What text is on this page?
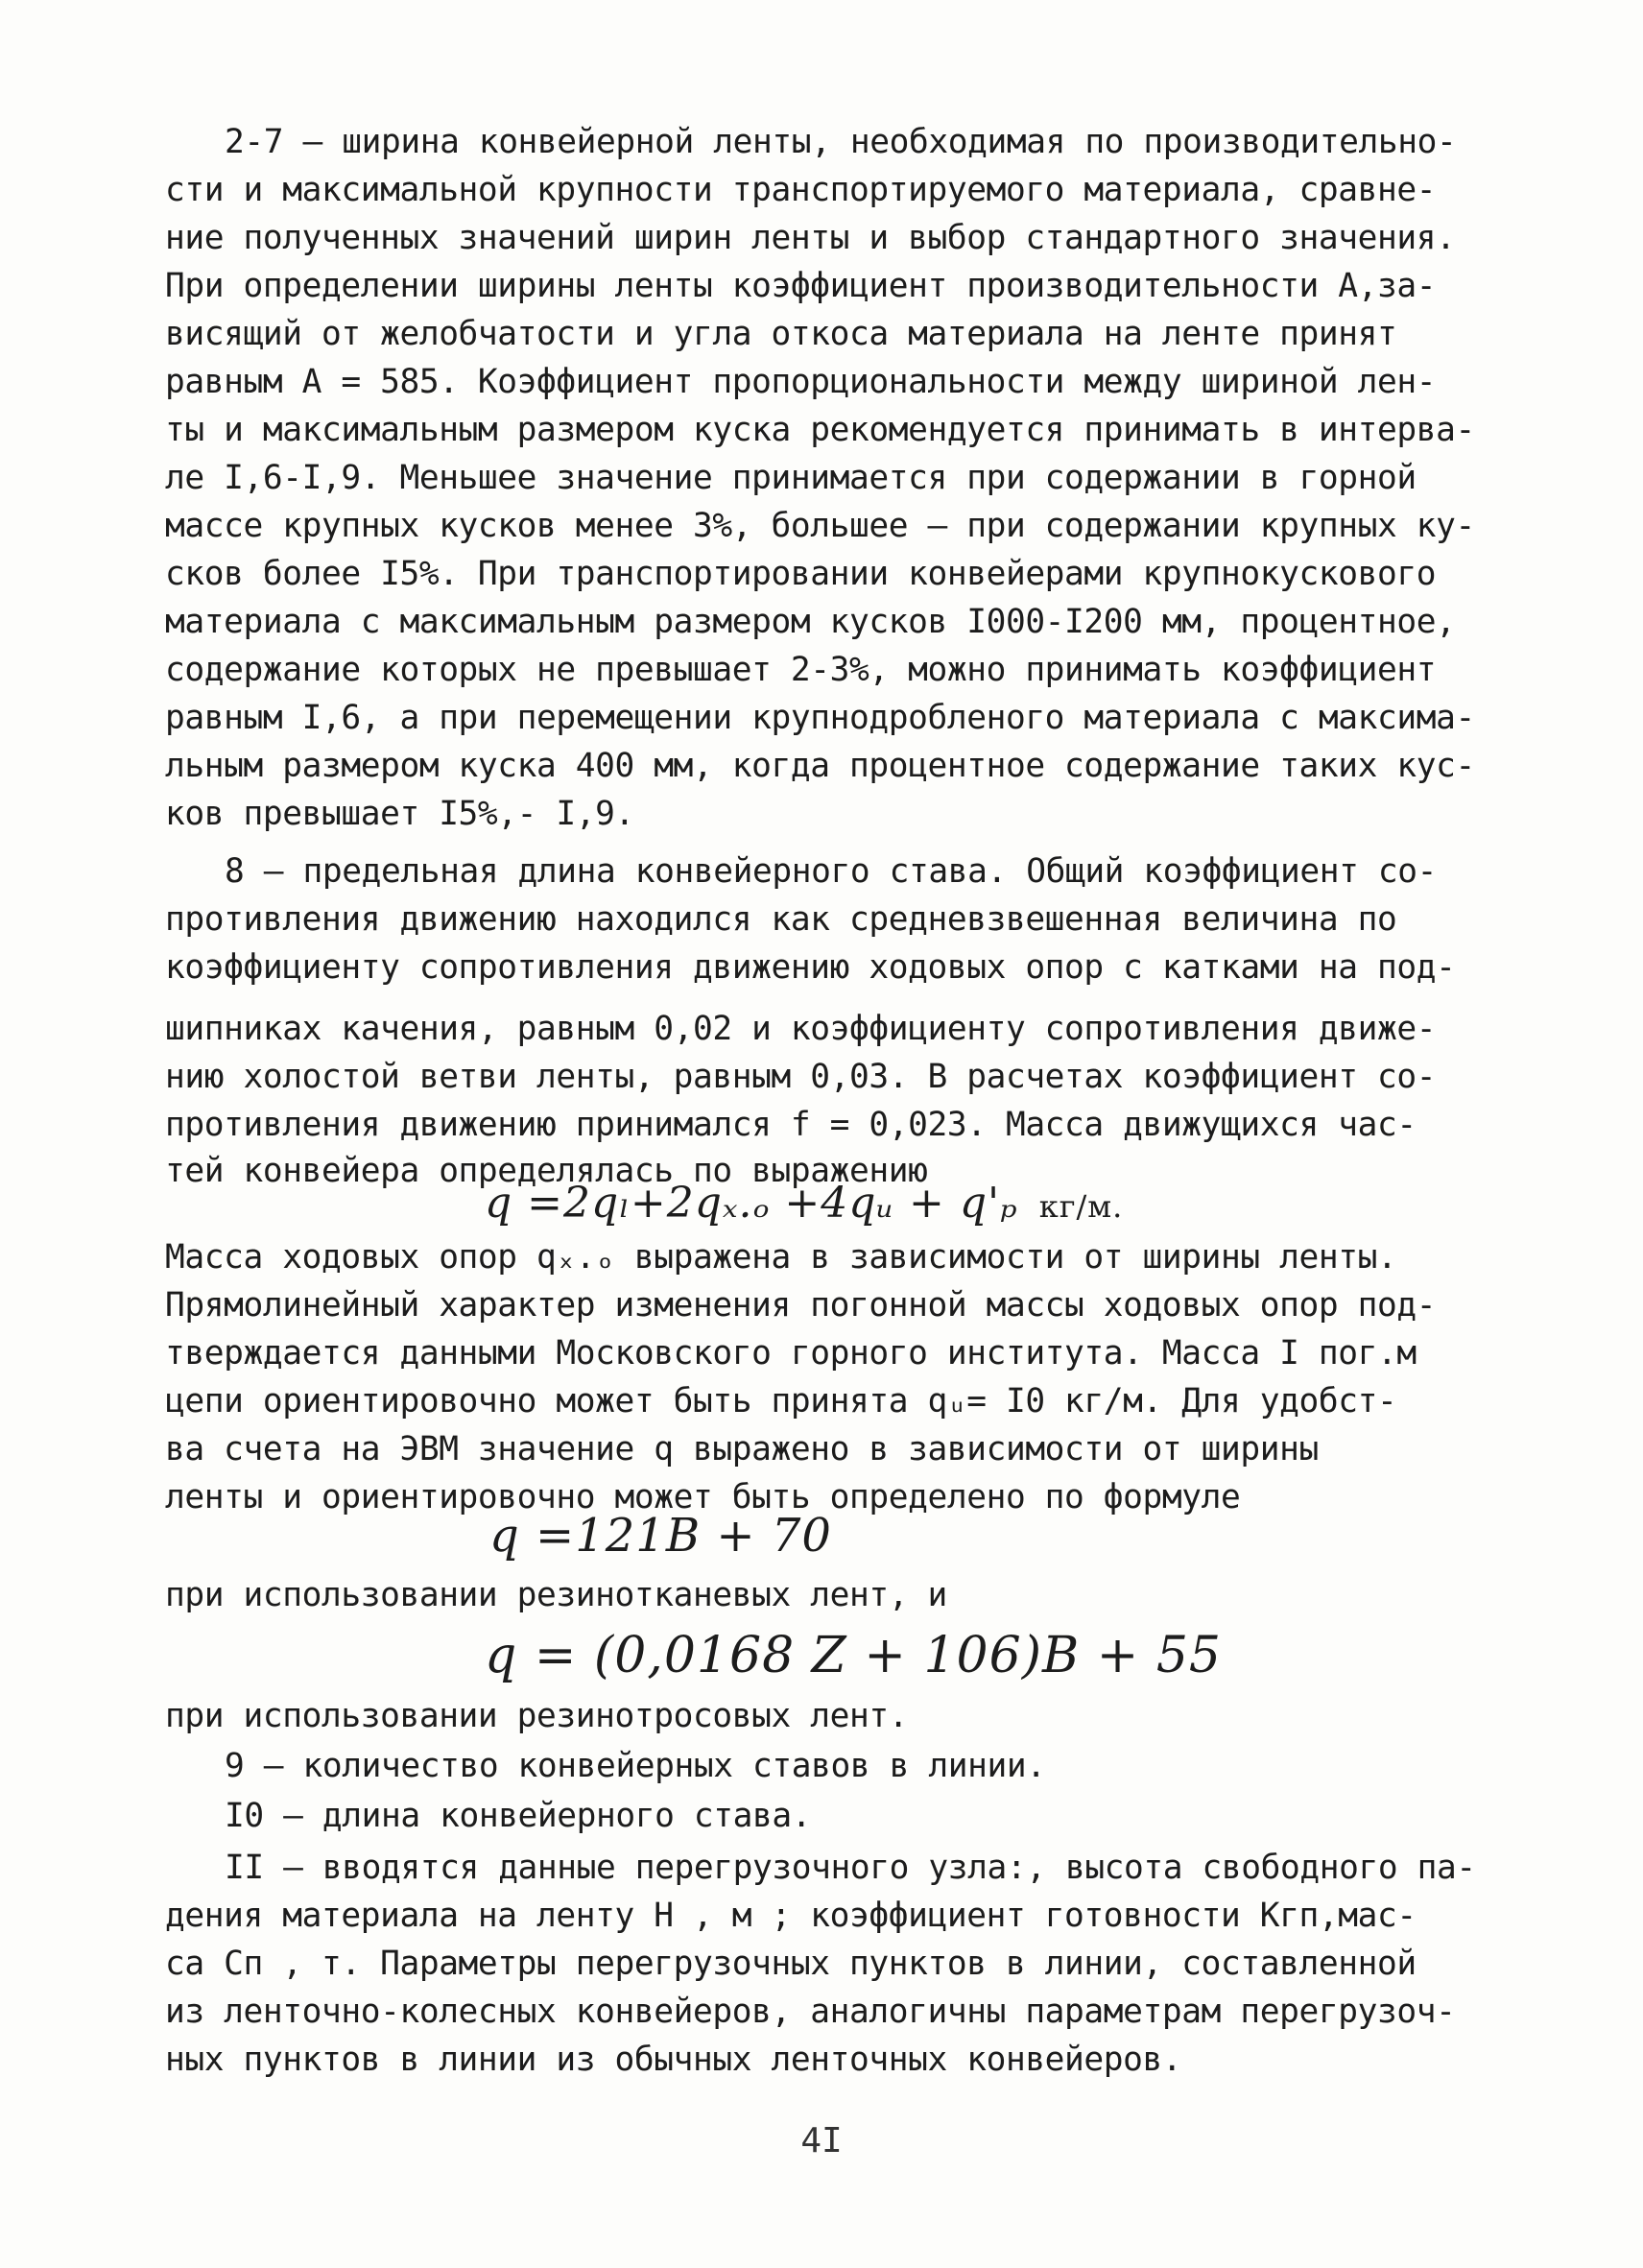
2-7 – ширина конвейерной ленты, необходимая по производительно-
сти и максимальной крупности транспортируемого материала, сравне-
ние полученных значений ширин ленты и выбор стандартного значения.
При определении ширины ленты коэффициент производительности A,за-
висящий от желобчатости и угла откоса материала на ленте принят
равным A = 585. Коэффициент пропорциональности между шириной лен-
ты и максимальным размером куска рекомендуется принимать в интерва-
ле I,6-I,9. Меньшее значение принимается при содержании в горной
массе крупных кусков менее 3%, большее – при содержании крупных ку-
сков более I5%. При транспортировании конвейерами крупнокускового
материала с максимальным размером кусков I000-I200 мм, процентное,
содержание которых не превышает 2-3%, можно принимать коэффициент
равным I,6, а при перемещении крупнодробленого материала с максима-
льным размером куска 400 мм, когда процентное содержание таких кус-
ков превышает I5%,- I,9.
8 – предельная длина конвейерного става. Общий коэффициент со-
противления движению находился как средневзвешенная величина по
коэффициенту сопротивления движению ходовых опор с катками на под-
шипниках качения, равным 0,02 и коэффициенту сопротивления движе-
нию холостой ветви ленты, равным 0,03. В расчетах коэффициент со-
противления движению принимался f = 0,023. Масса движущихся час-
тей конвейера определялась по выражению
q =2qₗ+2qₓ.ₒ +4qᵤ + q'ₚ кг/м.
Масса ходовых опор qₓ.ₒ выражена в зависимости от ширины ленты.
Прямолинейный характер изменения погонной массы ходовых опор под-
тверждается данными Московского горного института. Масса I пог.м
цепи ориентировочно может быть принята qᵤ= I0 кг/м. Для удобст-
ва счета на ЭВМ значение q выражено в зависимости от ширины
ленты и ориентировочно может быть определено по формуле
q =121B + 70
при использовании резинотканевых лент, и
q = (0,0168 Z + 106)B + 55
при использовании резинотросовых лент.
9 – количество конвейерных ставов в линии.
I0 – длина конвейерного става.
II – вводятся данные перегрузочного узла:, высота свободного па-
дения материала на ленту H , м ; коэффициент готовности Kгп,мас-
са Cп , т. Параметры перегрузочных пунктов в линии, составленной
из ленточно-колесных конвейеров, аналогичны параметрам перегрузоч-
ных пунктов в линии из обычных ленточных конвейеров.
4I
